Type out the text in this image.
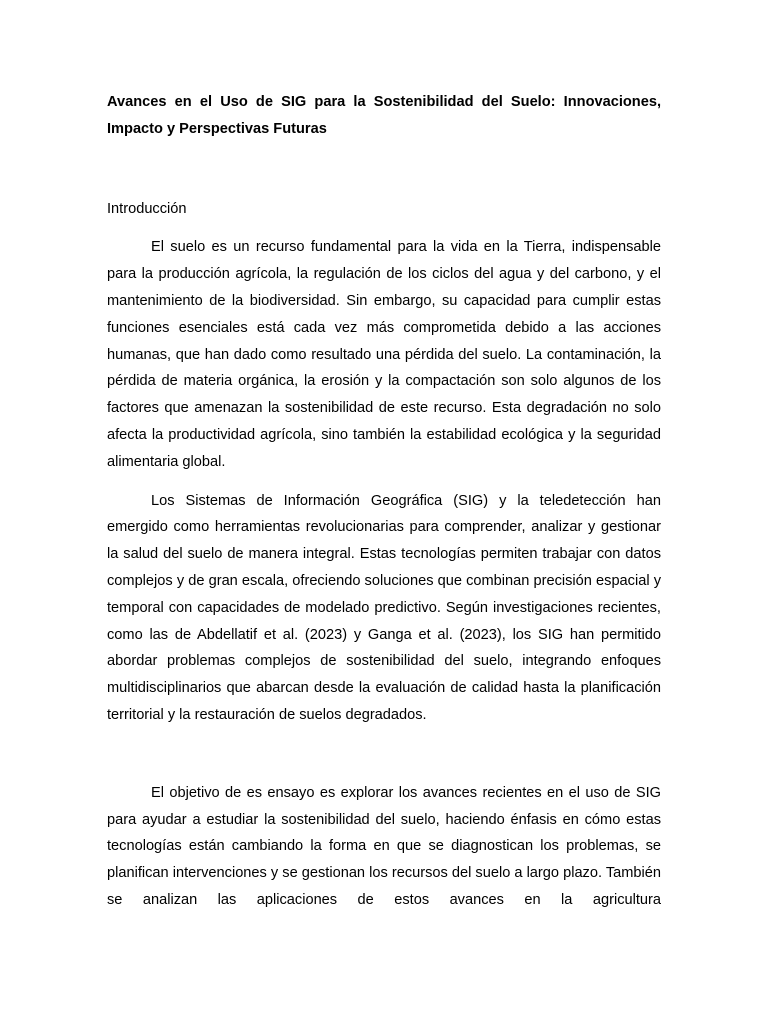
Avances en el Uso de SIG para la Sostenibilidad del Suelo: Innovaciones, Impacto y Perspectivas Futuras

Introducción

El suelo es un recurso fundamental para la vida en la Tierra, indispensable para la producción agrícola, la regulación de los ciclos del agua y del carbono, y el mantenimiento de la biodiversidad. Sin embargo, su capacidad para cumplir estas funciones esenciales está cada vez más comprometida debido a las acciones humanas, que han dado como resultado una pérdida del suelo. La contaminación, la pérdida de materia orgánica, la erosión y la compactación son solo algunos de los factores que amenazan la sostenibilidad de este recurso. Esta degradación no solo afecta la productividad agrícola, sino también la estabilidad ecológica y la seguridad alimentaria global.

Los Sistemas de Información Geográfica (SIG) y la teledetección han emergido como herramientas revolucionarias para comprender, analizar y gestionar la salud del suelo de manera integral. Estas tecnologías permiten trabajar con datos complejos y de gran escala, ofreciendo soluciones que combinan precisión espacial y temporal con capacidades de modelado predictivo. Según investigaciones recientes, como las de Abdellatif et al. (2023) y Ganga et al. (2023), los SIG han permitido abordar problemas complejos de sostenibilidad del suelo, integrando enfoques multidisciplinarios que abarcan desde la evaluación de calidad hasta la planificación territorial y la restauración de suelos degradados.

El objetivo de es ensayo es explorar los avances recientes en el uso de SIG para ayudar a estudiar la sostenibilidad del suelo, haciendo énfasis en cómo estas tecnologías están cambiando la forma en que se diagnostican los problemas, se planifican intervenciones y se gestionan los recursos del suelo a largo plazo. También se analizan las aplicaciones de estos avances en la agricultura
